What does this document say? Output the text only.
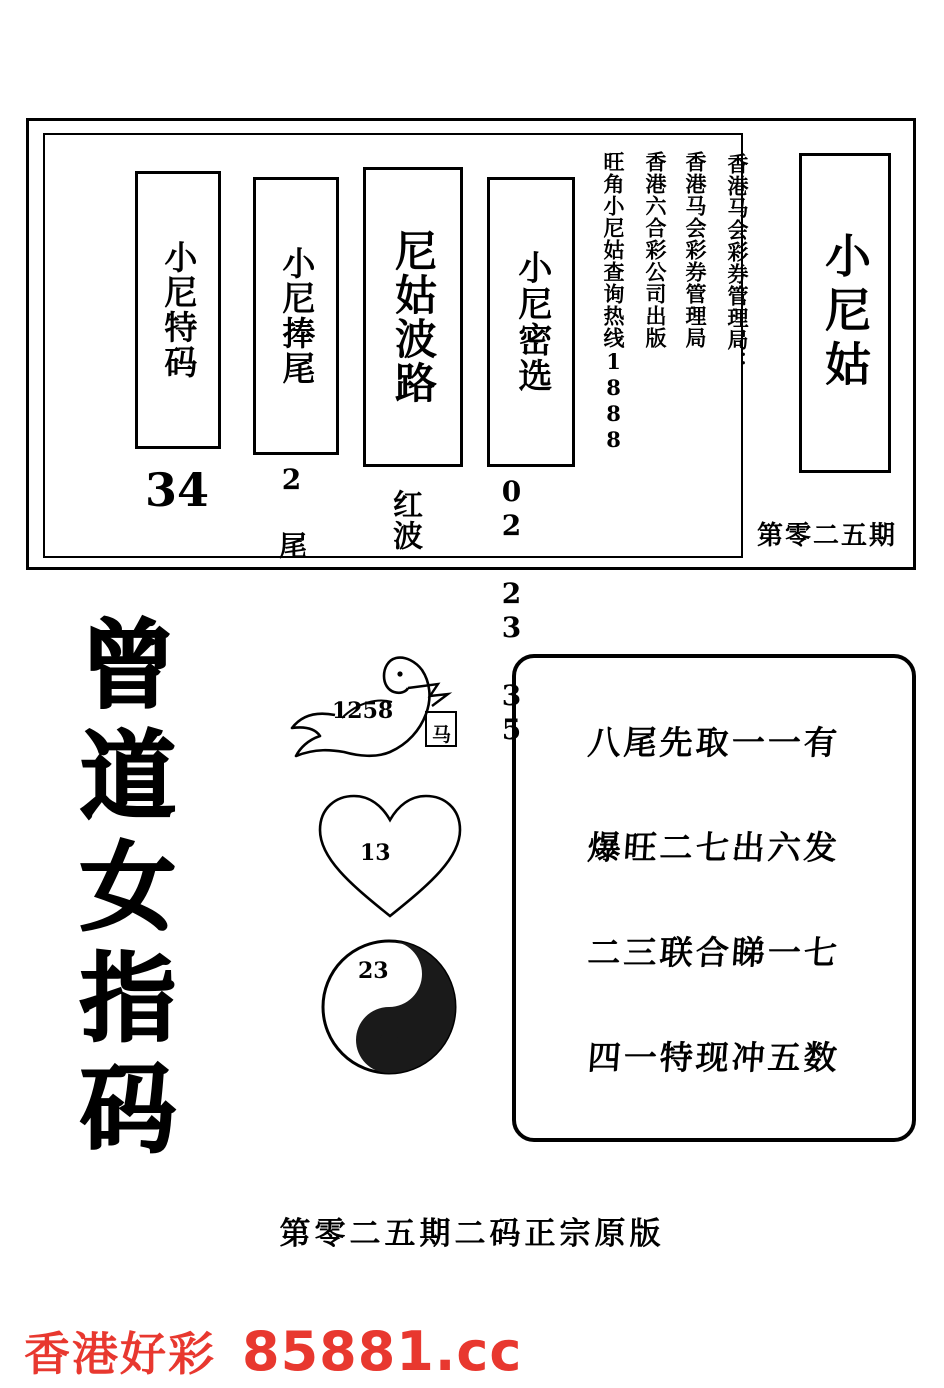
香港马会彩券管理局
香港六合彩公司出版
旺角小尼姑查询热线1888
小尼密选
02 23 35
尼姑波路
红波
小尼捧尾
2 尾
小尼特码
34
香港马会彩券管理局： 小尼姑
第零二五期
曾
道
女
指
码
1258
马
13
23
八尾先取一一有
爆旺二七出六发
二三联合睇一七
四一特现冲五数
第零二五期二码正宗原版
香港好彩 85881.cc
